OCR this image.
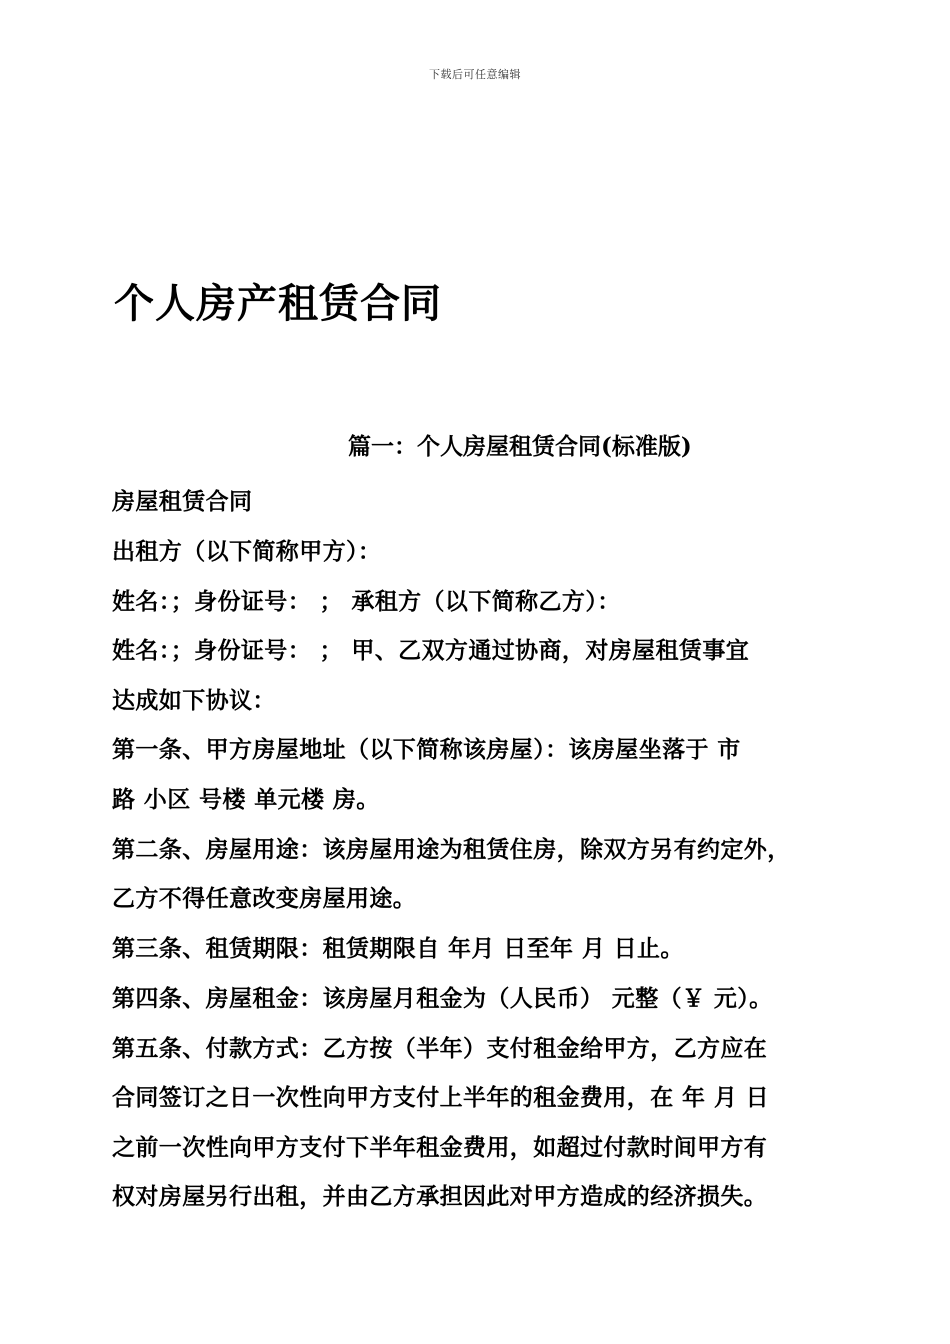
下载后可任意编辑
个人房产租赁合同
篇一：个人房屋租赁合同(标准版)
房屋租赁合同
出租方（以下简称甲方）：
姓名：；身份证号： ； 承租方（以下简称乙方）：
姓名：；身份证号： ； 甲、乙双方通过协商，对房屋租赁事宜
达成如下协议：
第一条、甲方房屋地址（以下简称该房屋）：该房屋坐落于 市
路 小区 号楼 单元楼 房。
第二条、房屋用途：该房屋用途为租赁住房，除双方另有约定外，
乙方不得任意改变房屋用途。
第三条、租赁期限：租赁期限自 年月 日至年 月 日止。
第四条、房屋租金：该房屋月租金为（人民币） 元整（￥ 元）。
第五条、付款方式：乙方按（半年）支付租金给甲方，乙方应在
合同签订之日一次性向甲方支付上半年的租金费用，在 年 月 日
之前一次性向甲方支付下半年租金费用，如超过付款时间甲方有
权对房屋另行出租，并由乙方承担因此对甲方造成的经济损失。
